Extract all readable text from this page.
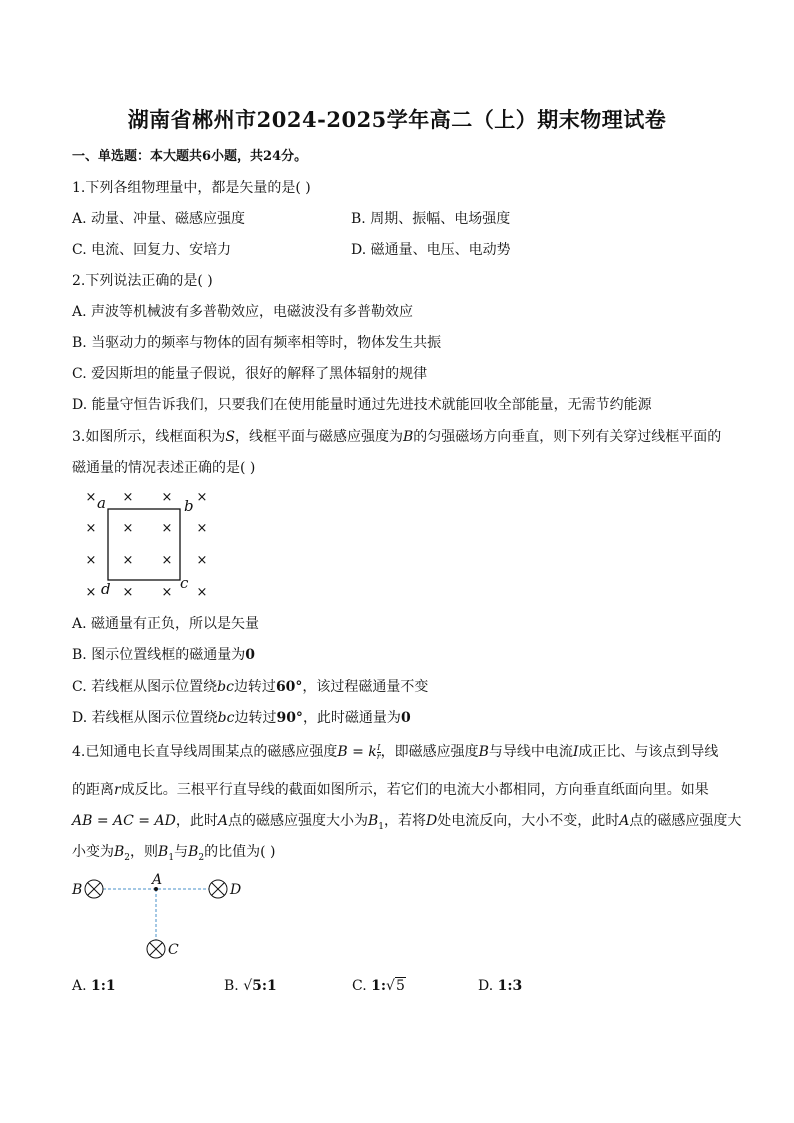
湖南省郴州市2024-2025学年高二（上）期末物理试卷
一、单选题：本大题共6小题，共24分。
1.下列各组物理量中，都是矢量的是( )
A. 动量、冲量、磁感应强度	B. 周期、振幅、电场强度
C. 电流、回复力、安培力	D. 磁通量、电压、电动势
2.下列说法正确的是( )
A. 声波等机械波有多普勒效应，电磁波没有多普勒效应
B. 当驱动力的频率与物体的固有频率相等时，物体发生共振
C. 爱因斯坦的能量子假说，很好的解释了黑体辐射的规律
D. 能量守恒告诉我们，只要我们在使用能量时通过先进技术就能回收全部能量，无需节约能源
3.如图所示，线框面积为S，线框平面与磁感应强度为B的匀强磁场方向垂直，则下列有关穿过线框平面的
磁通量的情况表述正确的是( )
× × × ×
× × × ×
× × × ×
× × × ×
a	b
c
d
A. 磁通量有正负，所以是矢量
B. 图示位置线框的磁通量为0
C. 若线框从图示位置绕bc边转过60°，该过程磁通量不变
D. 若线框从图示位置绕bc边转过90°，此时磁通量为0
4.已知通电长直导线周围某点的磁感应强度B = k $\frac{I}{r}$ ，即磁感应强度B与导线中电流I成正比、与该点到导线
的距离r成反比。三根平行直导线的截面如图所示，若它们的电流大小都相同，方向垂直纸面向里。如果
AB = AC = AD，此时A点的磁感应强度大小为$B_1$，若将D处电流反向，大小不变，此时A点的磁感应强度大
小变为$B_2$，则$B_1$与$B_2$的比值为( )
B
A
D
C
A. 1:1	B. √5:1	C. 1:√5	D. 1:3
